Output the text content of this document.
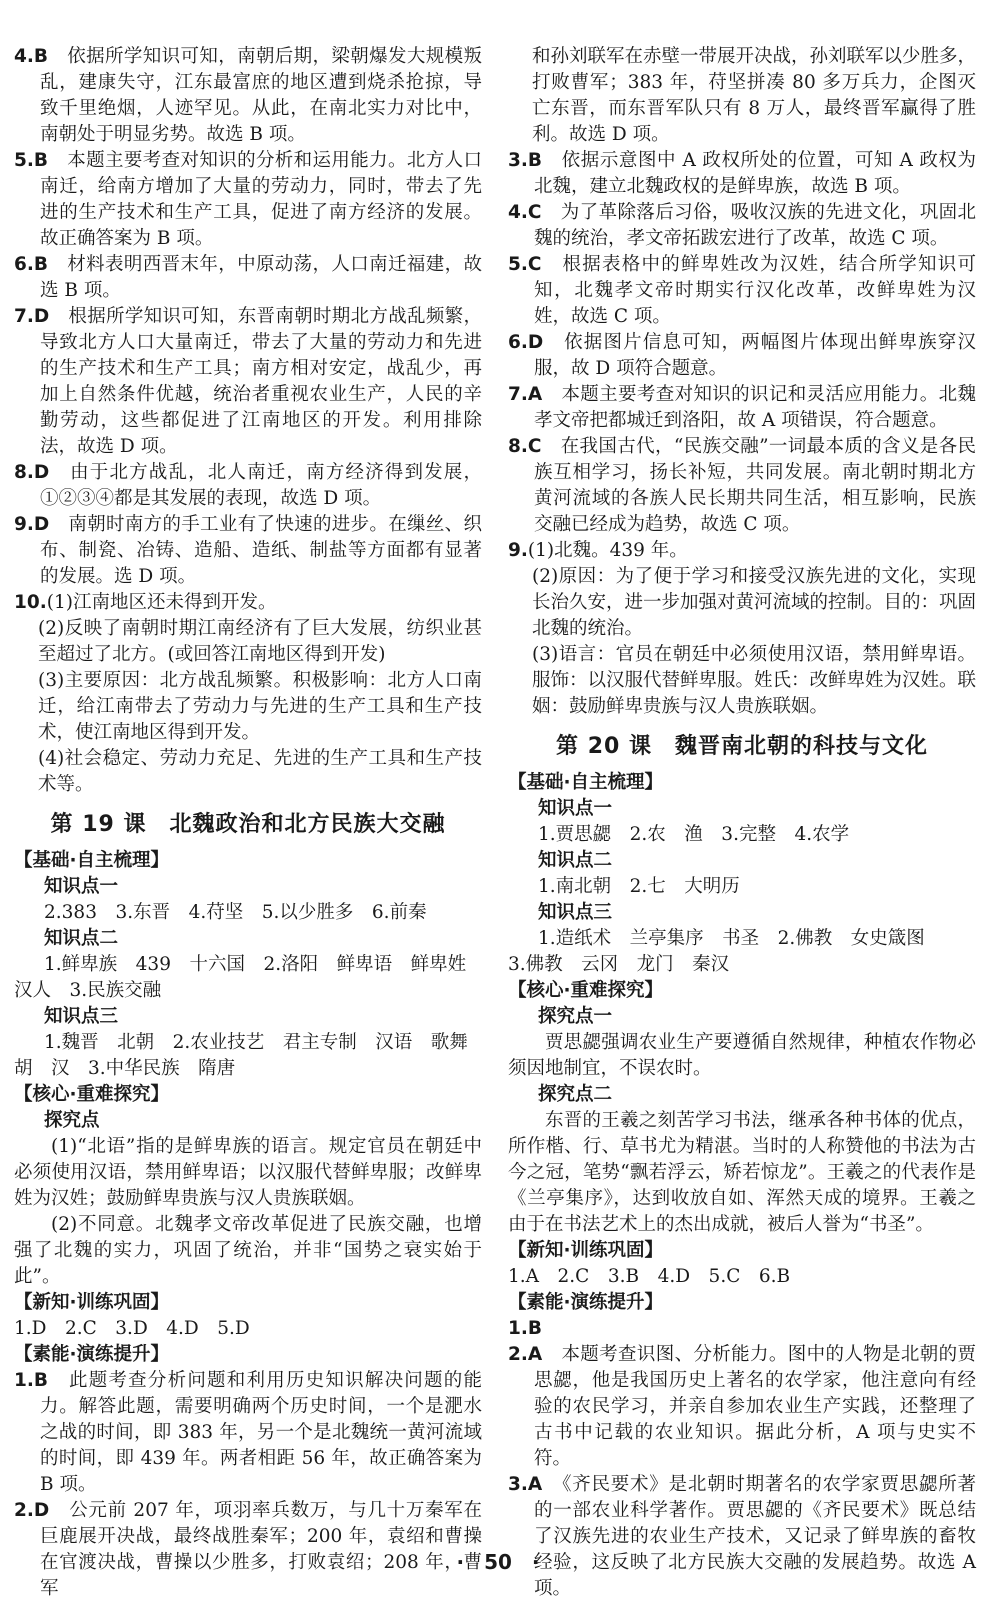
4.B　 依据所学知识可知，南朝后期，梁朝爆发大规模叛乱，建康失守，江东最富庶的地区遭到烧杀抢掠，导致千里绝烟，人迹罕见。从此，在南北实力对比中，南朝处于明显劣势。故选 B 项。

5.B　 本题主要考查对知识的分析和运用能力。北方人口南迁，给南方增加了大量的劳动力，同时，带去了先进的生产技术和生产工具，促进了南方经济的发展。故正确答案为 B 项。

6.B　 材料表明西晋末年，中原动荡，人口南迁福建，故选 B 项。

7.D　 根据所学知识可知，东晋南朝时期北方战乱频繁，导致北方人口大量南迁，带去了大量的劳动力和先进的生产技术和生产工具；南方相对安定，战乱少，再加上自然条件优越，统治者重视农业生产，人民的辛勤劳动，这些都促进了江南地区的开发。利用排除法，故选 D 项。

8.D　 由于北方战乱，北人南迁，南方经济得到发展，①②③④都是其发展的表现，故选 D 项。

9.D　 南朝时南方的手工业有了快速的进步。在缫丝、织布、制瓷、冶铸、造船、造纸、制盐等方面都有显著的发展。选 D 项。

10.(1)江南地区还未得到开发。

(2)反映了南朝时期江南经济有了巨大发展，纺织业甚至超过了北方。(或回答江南地区得到开发)

(3)主要原因：北方战乱频繁。积极影响：北方人口南迁，给江南带去了劳动力与先进的生产工具和生产技术，使江南地区得到开发。

(4)社会稳定、劳动力充足、先进的生产工具和生产技术等。

第 19 课　北魏政治和北方民族大交融

【基础·自主梳理】

知识点一

2.383　3.东晋　4.苻坚　5.以少胜多　6.前秦

知识点二

1.鲜卑族　439　十六国　2.洛阳　鲜卑语　鲜卑姓

汉人　3.民族交融

知识点三

1.魏晋　北朝　2.农业技艺　君主专制　汉语　歌舞

胡　汉　3.中华民族　隋唐

【核心·重难探究】

探究点

(1)“北语”指的是鲜卑族的语言。规定官员在朝廷中必须使用汉语，禁用鲜卑语；以汉服代替鲜卑服；改鲜卑姓为汉姓；鼓励鲜卑贵族与汉人贵族联姻。

(2)不同意。北魏孝文帝改革促进了民族交融，也增强了北魏的实力，巩固了统治，并非“国势之衰实始于此”。

【新知·训练巩固】

1.D　2.C　3.D　4.D　5.D

【素能·演练提升】

1.B　 此题考查分析问题和利用历史知识解决问题的能力。解答此题，需要明确两个历史时间，一个是淝水之战的时间，即 383 年，另一个是北魏统一黄河流域的时间，即 439 年。两者相距 56 年，故正确答案为 B 项。

2.D　 公元前 207 年，项羽率兵数万，与几十万秦军在巨鹿展开决战，最终战胜秦军；200 年，袁绍和曹操在官渡决战，曹操以少胜多，打败袁绍；208 年，曹军

和孙刘联军在赤壁一带展开决战，孙刘联军以少胜多，打败曹军；383 年，苻坚拼凑 80 多万兵力，企图灭亡东晋，而东晋军队只有 8 万人，最终晋军赢得了胜利。故选 D 项。

3.B　 依据示意图中 A 政权所处的位置，可知 A 政权为北魏，建立北魏政权的是鲜卑族，故选 B 项。

4.C　 为了革除落后习俗，吸收汉族的先进文化，巩固北魏的统治，孝文帝拓跋宏进行了改革，故选 C 项。

5.C　 根据表格中的鲜卑姓改为汉姓，结合所学知识可知，北魏孝文帝时期实行汉化改革，改鲜卑姓为汉姓，故选 C 项。

6.D　 依据图片信息可知，两幅图片体现出鲜卑族穿汉服，故 D 项符合题意。

7.A　 本题主要考查对知识的识记和灵活应用能力。北魏孝文帝把都城迁到洛阳，故 A 项错误，符合题意。

8.C　 在我国古代，“民族交融”一词最本质的含义是各民族互相学习，扬长补短，共同发展。南北朝时期北方黄河流域的各族人民长期共同生活，相互影响，民族交融已经成为趋势，故选 C 项。

9.(1)北魏。439 年。

(2)原因：为了便于学习和接受汉族先进的文化，实现长治久安，进一步加强对黄河流域的控制。目的：巩固北魏的统治。

(3)语言：官员在朝廷中必须使用汉语，禁用鲜卑语。服饰：以汉服代替鲜卑服。姓氏：改鲜卑姓为汉姓。联姻：鼓励鲜卑贵族与汉人贵族联姻。

第 20 课　魏晋南北朝的科技与文化

【基础·自主梳理】

知识点一

1.贾思勰　2.农　渔　3.完整　4.农学

知识点二

1.南北朝　2.七　大明历

知识点三

1.造纸术　兰亭集序　书圣　2.佛教　女史箴图

3.佛教　云冈　龙门　秦汉

【核心·重难探究】

探究点一

贾思勰强调农业生产要遵循自然规律，种植农作物必须因地制宜，不误农时。

探究点二

东晋的王羲之刻苦学习书法，继承各种书体的优点，所作楷、行、草书尤为精湛。当时的人称赞他的书法为古今之冠，笔势“飘若浮云，矫若惊龙”。王羲之的代表作是《兰亭集序》，达到收放自如、浑然天成的境界。王羲之由于在书法艺术上的杰出成就，被后人誉为“书圣”。

【新知·训练巩固】

1.A　2.C　3.B　4.D　5.C　6.B

【素能·演练提升】

1.B

2.A　 本题考查识图、分析能力。图中的人物是北朝的贾思勰，他是我国历史上著名的农学家，他注意向有经验的农民学习，并亲自参加农业生产实践，还整理了古书中记载的农业知识。据此分析，A 项与史实不符。

3.A　 《齐民要术》是北朝时期著名的农学家贾思勰所著的一部农业科学著作。贾思勰的《齐民要术》既总结了汉族先进的农业生产技术，又记录了鲜卑族的畜牧经验，这反映了北方民族大交融的发展趋势。故选 A 项。

·　50　·
